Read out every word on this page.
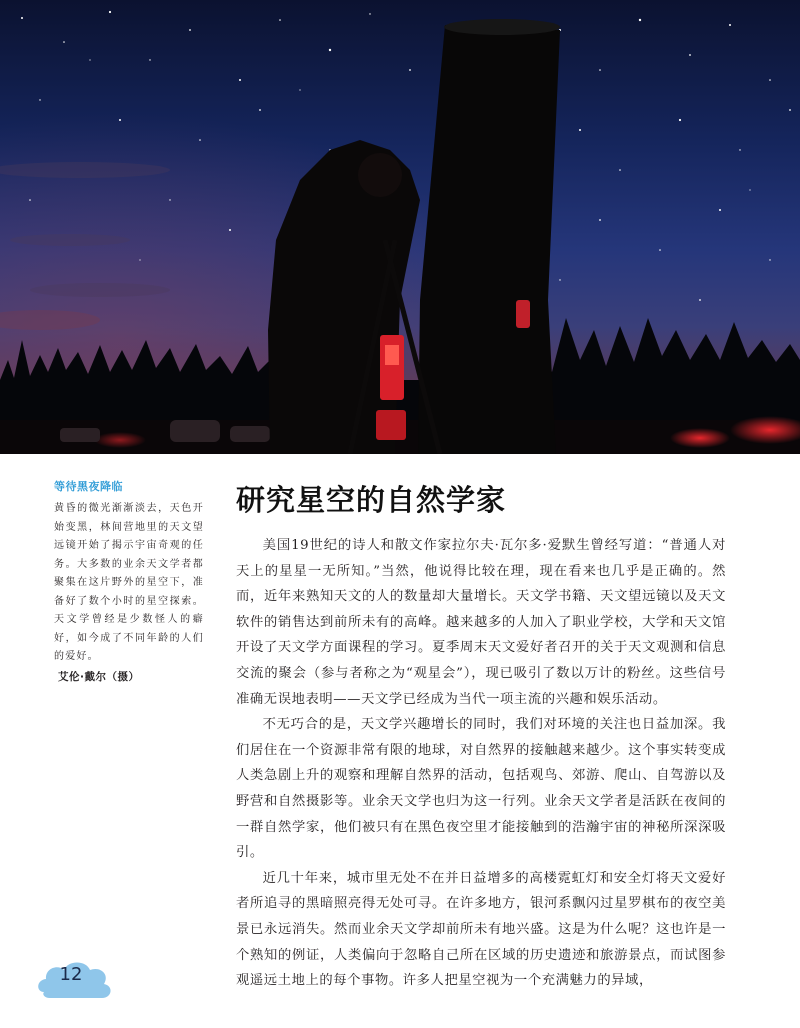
等待黑夜降临
黄昏的微光渐渐淡去，天色开始变黑，林间营地里的天文望远镜开始了揭示宇宙奇观的任务。大多数的业余天文学者都聚集在这片野外的星空下，准备好了数个小时的星空探索。天文学曾经是少数怪人的癖好，如今成了不同年龄的人们的爱好。
艾伦·戴尔（摄）
研究星空的自然学家

美国19世纪的诗人和散文作家拉尔夫·瓦尔多·爱默生曾经写道：“普通人对天上的星星一无所知。”当然，他说得比较在理，现在看来也几乎是正确的。然而，近年来熟知天文的人的数量却大量增长。天文学书籍、天文望远镜以及天文软件的销售达到前所未有的高峰。越来越多的人加入了职业学校，大学和天文馆开设了天文学方面课程的学习。夏季周末天文爱好者召开的关于天文观测和信息交流的聚会（参与者称之为“观星会”），现已吸引了数以万计的粉丝。这些信号准确无误地表明——天文学已经成为当代一项主流的兴趣和娱乐活动。

不无巧合的是，天文学兴趣增长的同时，我们对环境的关注也日益加深。我们居住在一个资源非常有限的地球，对自然界的接触越来越少。这个事实转变成人类急剧上升的观察和理解自然界的活动，包括观鸟、郊游、爬山、自驾游以及野营和自然摄影等。业余天文学也归为这一行列。业余天文学者是活跃在夜间的一群自然学家，他们被只有在黑色夜空里才能接触到的浩瀚宇宙的神秘所深深吸引。

近几十年来，城市里无处不在并日益增多的高楼霓虹灯和安全灯将天文爱好者所追寻的黑暗照亮得无处可寻。在许多地方，银河系飘闪过星罗棋布的夜空美景已永远消失。然而业余天文学却前所未有地兴盛。这是为什么呢？这也许是一个熟知的例证，人类偏向于忽略自己所在区域的历史遗迹和旅游景点，而试图参观遥远土地上的每个事物。许多人把星空视为一个充满魅力的异域，

12
